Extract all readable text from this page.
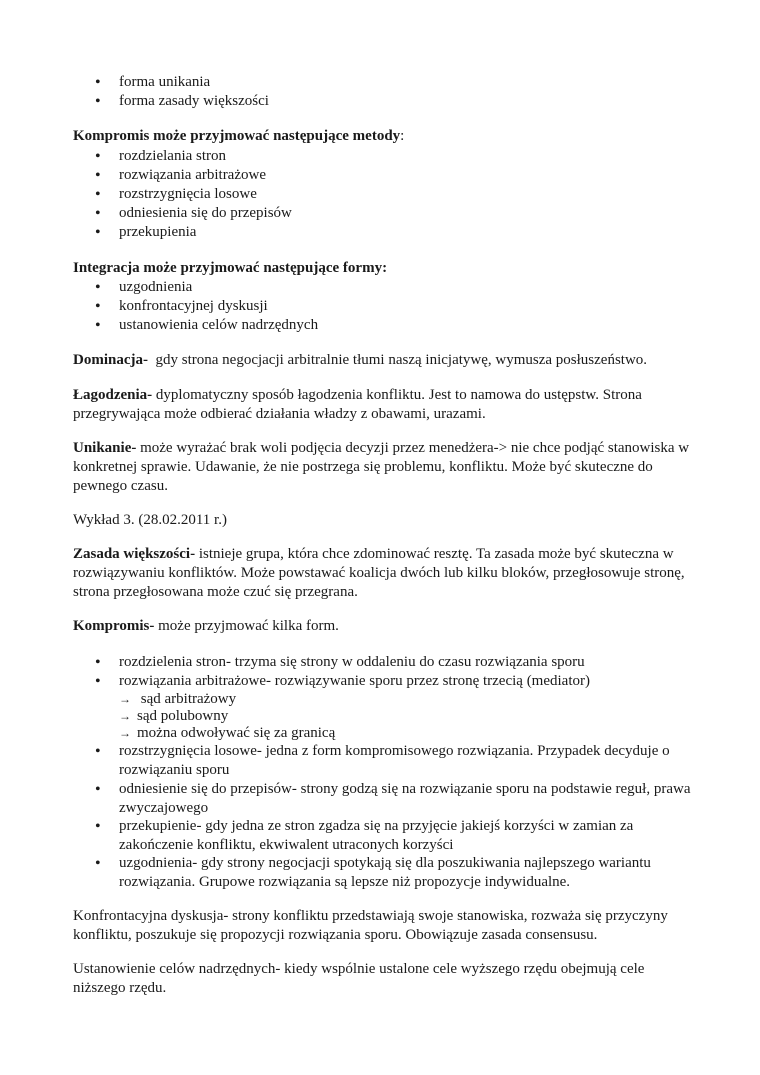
• forma unikania
• forma zasady większości
Kompromis może przyjmować następujące metody:
• rozdzielania stron
• rozwiązania arbitrażowe
• rozstrzygnięcia losowe
• odniesienia się do przepisów
• przekupienia
Integracja może przyjmować następujące formy:
• uzgodnienia
• konfrontacyjnej dyskusji
• ustanowienia celów nadrzędnych
Dominacja-  gdy strona negocjacji arbitralnie tłumi naszą inicjatywę, wymusza posłuszeństwo.
Łagodzenia- dyplomatyczny sposób łagodzenia konfliktu. Jest to namowa do ustępstw. Strona przegrywająca może odbierać działania władzy z obawami, urazami.
Unikanie- może wyrażać brak woli podjęcia decyzji przez menedżera-> nie chce podjąć stanowiska w konkretnej sprawie. Udawanie, że nie postrzega się problemu, konfliktu. Może być skuteczne do pewnego czasu.
Wykład 3. (28.02.2011 r.)
Zasada większości- istnieje grupa, która chce zdominować resztę. Ta zasada może być skuteczna w rozwiązywaniu konfliktów. Może powstawać koalicja dwóch lub kilku bloków, przegłosowuje stronę, strona przegłosowana może czuć się przegrana.
Kompromis- może przyjmować kilka form.
• rozdzielenia stron- trzyma się strony w oddaleniu do czasu rozwiązania sporu
• rozwiązania arbitrażowe- rozwiązywanie sporu przez stronę trzecią (mediator)
→ sąd arbitrażowy
→ sąd polubowny
→ można odwoływać się za granicą
• rozstrzygnięcia losowe- jedna z form kompromisowego rozwiązania. Przypadek decyduje o rozwiązaniu sporu
• odniesienie się do przepisów- strony godzą się na rozwiązanie sporu na podstawie reguł, prawa zwyczajowego
• przekupienie- gdy jedna ze stron zgadza się na przyjęcie jakiejś korzyści w zamian za zakończenie konfliktu, ekwiwalent utraconych korzyści
• uzgodnienia- gdy strony negocjacji spotykają się dla poszukiwania najlepszego wariantu rozwiązania. Grupowe rozwiązania są lepsze niż propozycje indywidualne.
Konfrontacyjna dyskusja- strony konfliktu przedstawiają swoje stanowiska, rozważa się przyczyny konfliktu, poszukuje się propozycji rozwiązania sporu. Obowiązuje zasada consensusu.
Ustanowienie celów nadrzędnych- kiedy wspólnie ustalone cele wyższego rzędu obejmują cele niższego rzędu.
